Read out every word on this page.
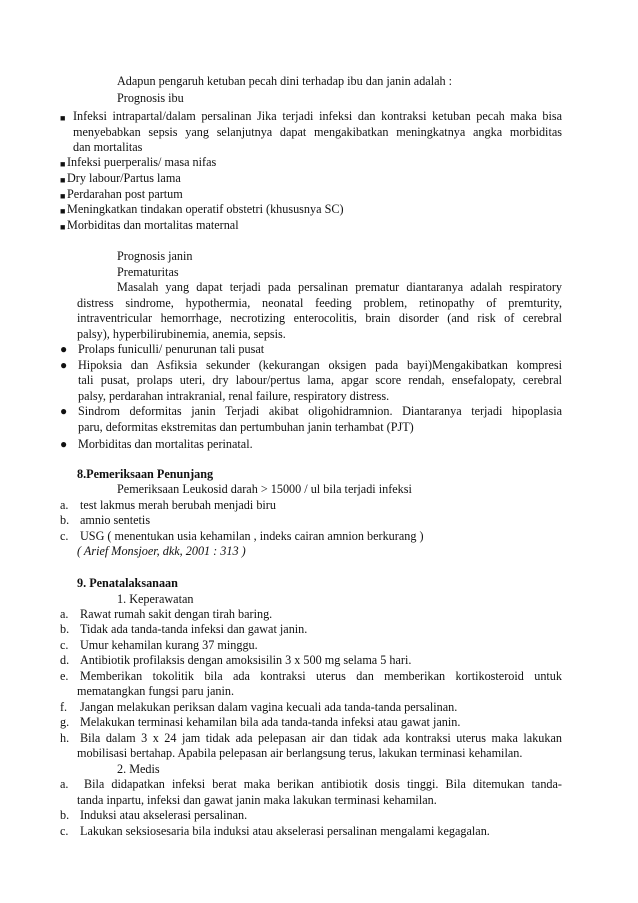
Adapun pengaruh ketuban pecah dini terhadap ibu dan janin adalah :
Prognosis ibu
■ Infeksi intrapartal/dalam persalinan Jika terjadi infeksi dan kontraksi ketuban pecah maka bisa
menyebabkan sepsis yang selanjutnya dapat mengakibatkan meningkatnya angka morbiditas
dan mortalitas
■ Infeksi puerperalis/ masa nifas
■ Dry labour/Partus lama
■ Perdarahan post partum
■ Meningkatkan tindakan operatif obstetri (khususnya SC)
■ Morbiditas dan mortalitas maternal
Prognosis janin
Prematuritas
Masalah yang dapat terjadi pada persalinan prematur diantaranya adalah respiratory
distress sindrome, hypothermia, neonatal feeding problem, retinopathy of premturity,
intraventricular hemorrhage, necrotizing enterocolitis, brain disorder (and risk of cerebral
palsy), hyperbilirubinemia, anemia, sepsis.
● Prolaps funiculli/ penurunan tali pusat
● Hipoksia dan Asfiksia sekunder (kekurangan oksigen pada bayi)Mengakibatkan kompresi
tali pusat, prolaps uteri, dry labour/pertus lama, apgar score rendah, ensefalopaty, cerebral
palsy, perdarahan intrakranial, renal failure, respiratory distress.
● Sindrom deformitas janin Terjadi akibat oligohidramnion. Diantaranya terjadi hipoplasia
paru, deformitas ekstremitas dan pertumbuhan janin terhambat (PJT)
● Morbiditas dan mortalitas perinatal.
8.Pemeriksaan Penunjang
Pemeriksaan Leukosid darah > 15000 / ul bila terjadi infeksi
a. test lakmus merah berubah menjadi biru
b. amnio sentetis
c. USG ( menentukan usia kehamilan , indeks cairan amnion berkurang )
( Arief Monsjoer, dkk, 2001 : 313 )
9. Penatalaksanaan
1. Keperawatan
a. Rawat rumah sakit dengan tirah baring.
b. Tidak ada tanda-tanda infeksi dan gawat janin.
c. Umur kehamilan kurang 37 minggu.
d. Antibiotik profilaksis dengan amoksisilin 3 x 500 mg selama 5 hari.
e. Memberikan tokolitik bila ada kontraksi uterus dan memberikan kortikosteroid untuk
mematangkan fungsi paru janin.
f. Jangan melakukan periksan dalam vagina kecuali ada tanda-tanda persalinan.
g. Melakukan terminasi kehamilan bila ada tanda-tanda infeksi atau gawat janin.
h. Bila dalam 3 x 24 jam tidak ada pelepasan air dan tidak ada kontraksi uterus maka lakukan
mobilisasi bertahap. Apabila pelepasan air berlangsung terus, lakukan terminasi kehamilan.
2. Medis
a. Bila didapatkan infeksi berat maka berikan antibiotik dosis tinggi. Bila ditemukan tanda-
tanda inpartu, infeksi dan gawat janin maka lakukan terminasi kehamilan.
b. Induksi atau akselerasi persalinan.
c. Lakukan seksiosesaria bila induksi atau akselerasi persalinan mengalami kegagalan.
